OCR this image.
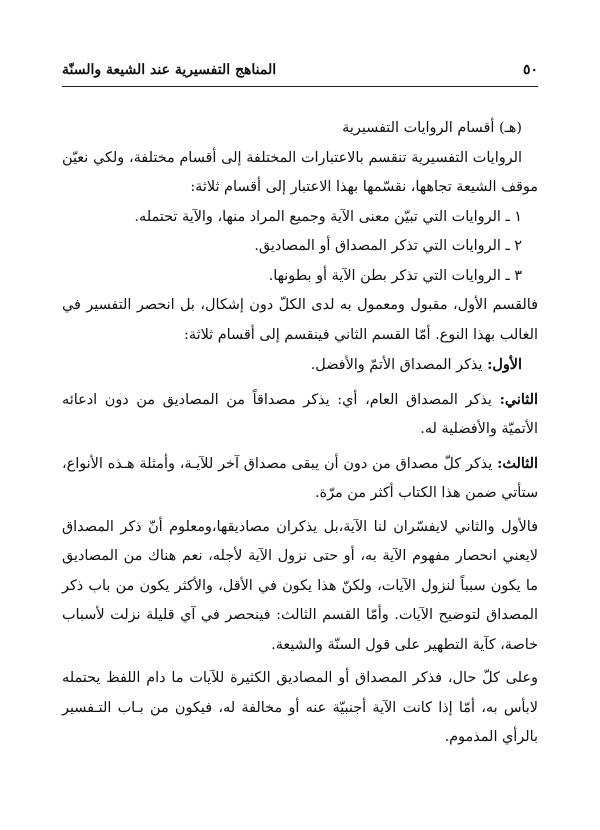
٥٠
المناهج التفسيرية عند الشيعة والسنّة

(هـ) أقسام الروايات التفسيرية

الروايات التفسيرية تنقسم بالاعتبارات المختلفة إلى أقسام مختلفة، ولكي نعيّن موقف الشيعة تجاهها، نقسّمها بهذا الاعتبار إلى أقسام ثلاثة:

١ ـ الروايات التي تبيّن معنى الآية وجميع المراد منها، والآية تحتمله.

٢ ـ الروايات التي تذكر المصداق أو المصاديق.

٣ ـ الروايات التي تذكر بطن الآية أو بطونها.

فالقسم الأول، مقبول ومعمول به لدى الكلّ دون إشكال، بل انحصر التفسير في الغالب بهذا النوع. أمّا القسم الثاني فينقسم إلى أقسام ثلاثة:

الأول: يذكر المصداق الأتمّ والأفضل.

الثاني: يذكر المصداق العام، أي: يذكر مصداقاً من المصاديق من دون ادعائه الأتميّة والأفضلية له.

الثالث: يذكر كلّ مصداق من دون أن يبقى مصداق آخر للآيـة، وأمثلة هـذه الأنواع، ستأتي ضمن هذا الكتاب أكثر من مرّة.

فالأول والثاني لايفسّران لنا الآية،بل يذكران مصاديقها،ومعلوم أنّ ذكر المصداق لايعني انحصار مفهوم الآية به، أو حتى نزول الآية لأجله، نعم هناك من المصاديق ما يكون سبباً لنزول الآيات، ولكنّ هذا يكون في الأقل، والأكثر يكون من باب ذكر المصداق لتوضيح الآيات. وأمّا القسم الثالث: فينحصر في آي قليلة نزلت لأسباب خاصة، كآية التطهير على قول السنّة والشيعة.

وعلى كلّ حال، فذكر المصداق أو المصاديق الكثيرة للآيات ما دام اللفظ يحتمله لابأس به، أمّا إذا كانت الآية أجنبيّة عنه أو مخالفة له، فيكون من بـاب التـفسير بالرأي المذموم.
